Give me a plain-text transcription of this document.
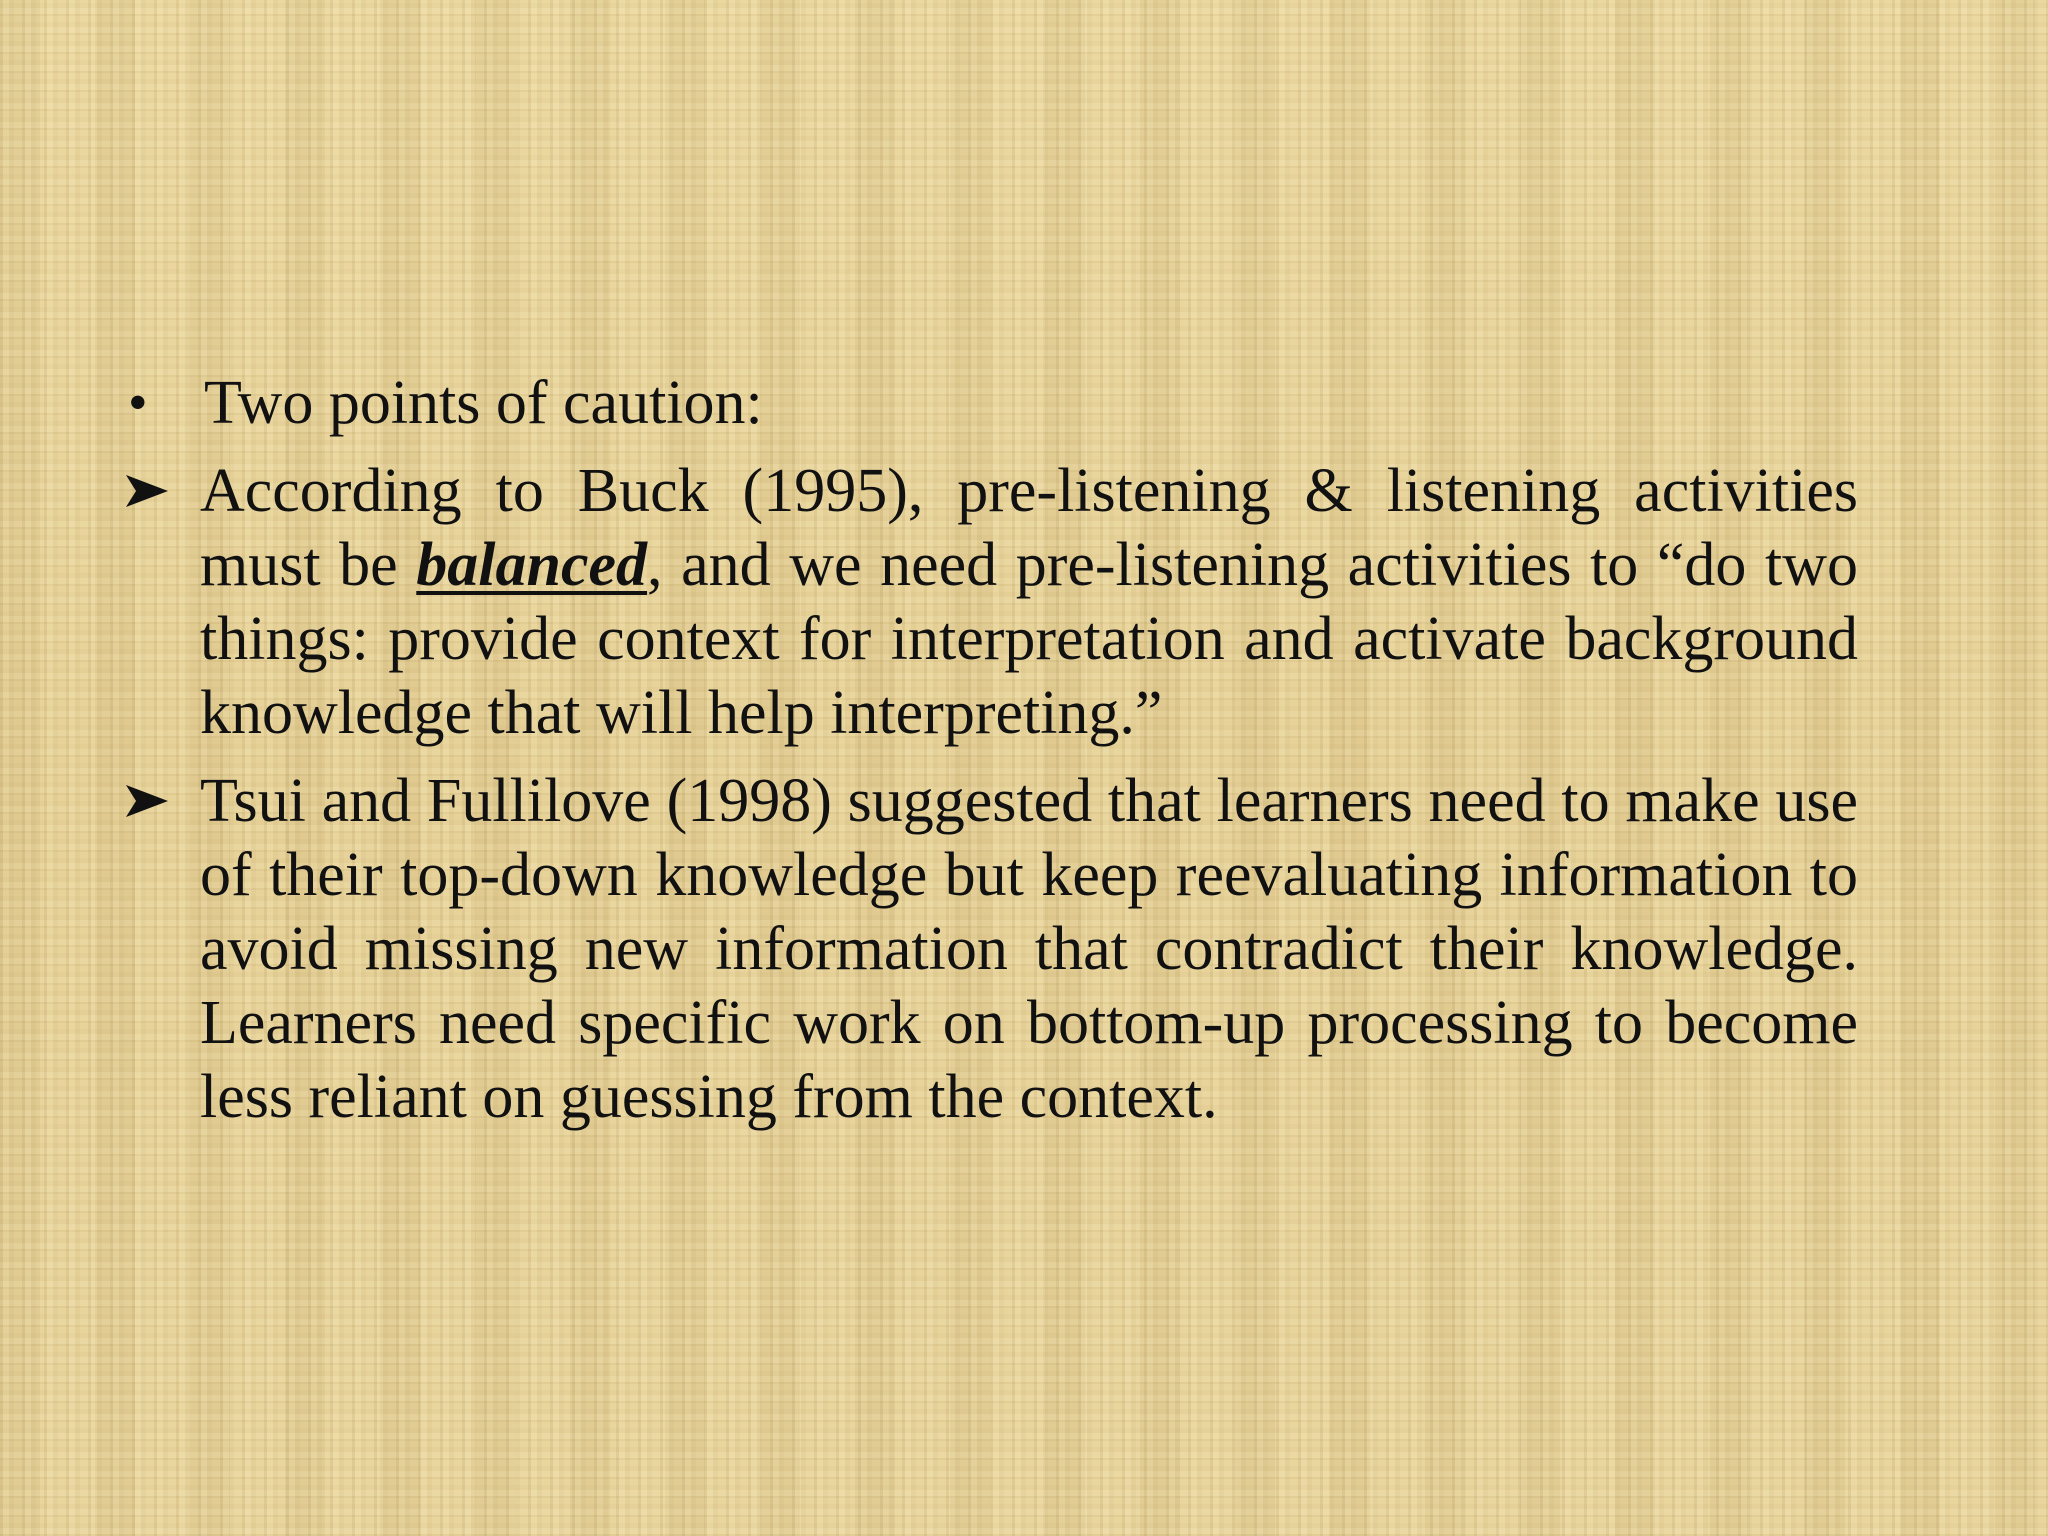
• Two points of caution:
According to Buck (1995), pre-listening & listening activities must be balanced, and we need pre-listening activities to “do two things: provide context for interpretation and activate background knowledge that will help interpreting.”
Tsui and Fullilove (1998) suggested that learners need to make use of their top-down knowledge but keep reevaluating information to avoid missing new information that contradict their knowledge. Learners need specific work on bottom-up processing to become less reliant on guessing from the context.
